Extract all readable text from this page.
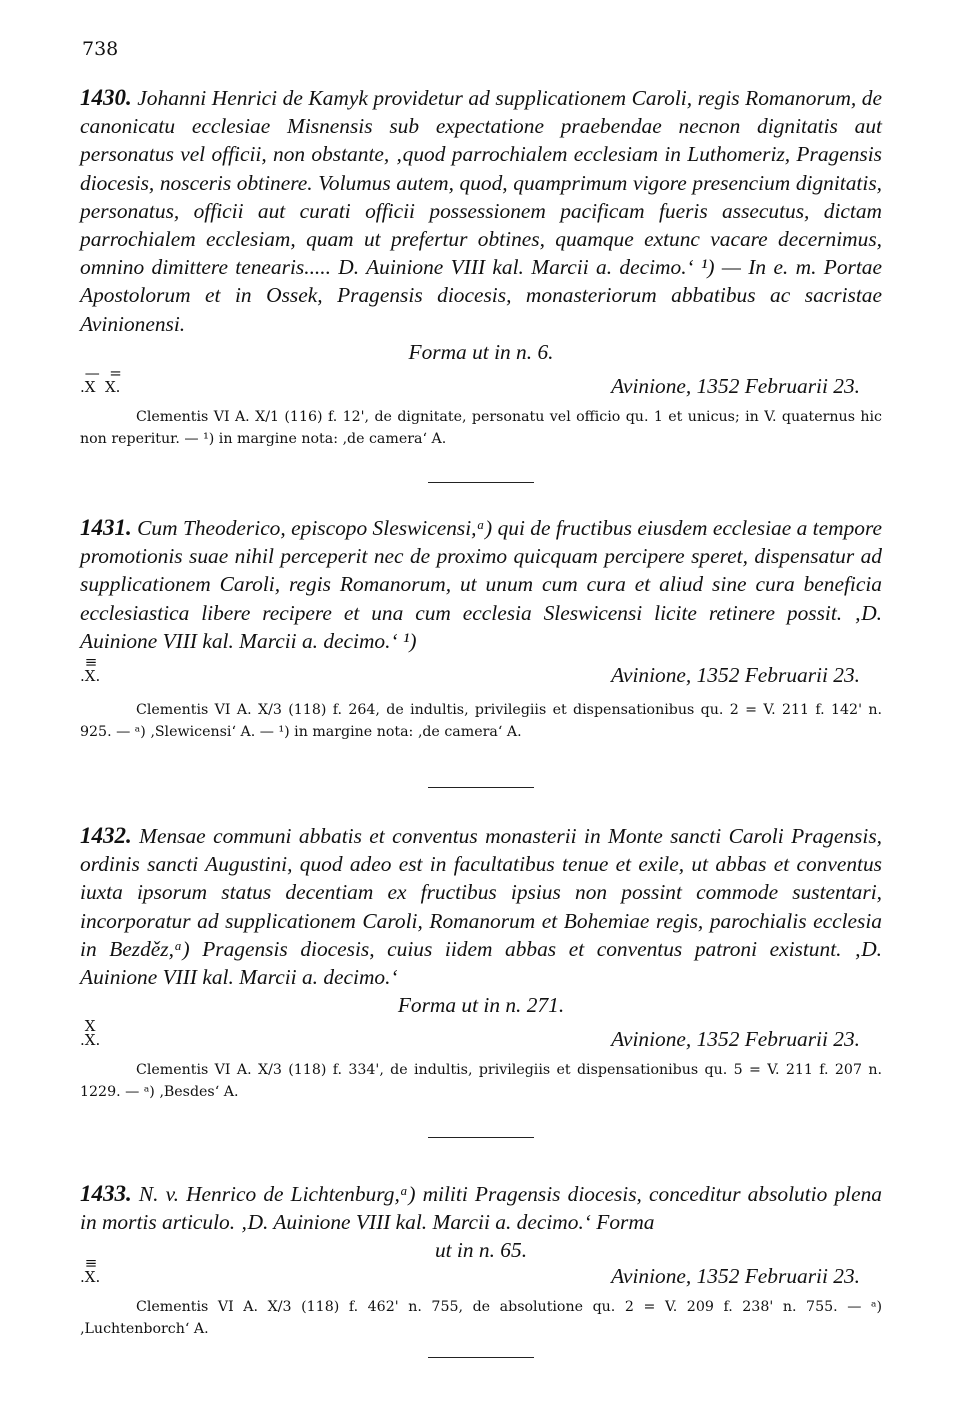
738

1430. Johanni Henrici de Kamyk providetur ad supplicationem Caroli, regis Romanorum, de canonicatu ecclesiae Misnensis sub expectatione praebendae necnon dignitatis aut personatus vel officii, non obstante, ‚quod parrochialem ecclesiam in Luthomeriz, Pragensis diocesis, nosceris obtinere. Volumus autem, quod, quamprimum vigore presencium dignitatis, personatus, officii aut curati officii possessionem pacificam fueris assecutus, dictam parrochialem ecclesiam, quam ut prefertur obtines, quamque extunc vacare decernimus, omnino dimittere tenearis..... D. Auinione VIII kal. Marcii a. decimo.‘ ¹) — In e. m. Portae Apostolorum et in Ossek, Pragensis diocesis, monasteriorum abbatibus ac sacristae Avinionensi.

Forma ut in n. 6.
—  =
.X  X.	Avinione, 1352 Februarii 23.

Clementis VI A. X/1 (116) f. 12', de dignitate, personatu vel officio qu. 1 et unicus; in V. quaternus hic non reperitur. — ¹) in margine nota: ‚de camera‘ A.

1431. Cum Theoderico, episcopo Sleswicensi,ᵃ) qui de fructibus eiusdem ecclesiae a tempore promotionis suae nihil perceperit nec de proximo quicquam percipere speret, dispensatur ad supplicationem Caroli, regis Romanorum, ut unum cum cura et aliud sine cura beneficia ecclesiastica libere recipere et una cum ecclesia Sleswicensi licite retinere possit. ‚D. Auinione VIII kal. Marcii a. decimo.‘ ¹)

≡
.X.	Avinione, 1352 Februarii 23.

Clementis VI A. X/3 (118) f. 264, de indultis, privilegiis et dispensationibus qu. 2 = V. 211 f. 142' n. 925. — ᵃ) ‚Slewicensi‘ A. — ¹) in margine nota: ‚de camera‘ A.

1432. Mensae communi abbatis et conventus monasterii in Monte sancti Caroli Pragensis, ordinis sancti Augustini, quod adeo est in facultatibus tenue et exile, ut abbas et conventus iuxta ipsorum status decentiam ex fructibus ipsius non possint commode sustentari, incorporatur ad supplicationem Caroli, Romanorum et Bohemiae regis, parochialis ecclesia in Bezděz,ᵃ) Pragensis diocesis, cuius iidem abbas et conventus patroni existunt. ‚D. Auinione VIII kal. Marcii a. decimo.‘

Forma ut in n. 271.
X
.X.	Avinione, 1352 Februarii 23.

Clementis VI A. X/3 (118) f. 334', de indultis, privilegiis et dispensationibus qu. 5 = V. 211 f. 207 n. 1229. — ᵃ) ‚Besdes‘ A.

1433. N. v. Henrico de Lichtenburg,ᵃ) militi Pragensis diocesis, conceditur absolutio plena in mortis articulo. ‚D. Auinione VIII kal. Marcii a. decimo.‘ Forma

ut in n. 65.
≡
.X.	Avinione, 1352 Februarii 23.

Clementis VI A. X/3 (118) f. 462' n. 755, de absolutione qu. 2 = V. 209 f. 238' n. 755. — ᵃ) ‚Luchtenborch‘ A.
